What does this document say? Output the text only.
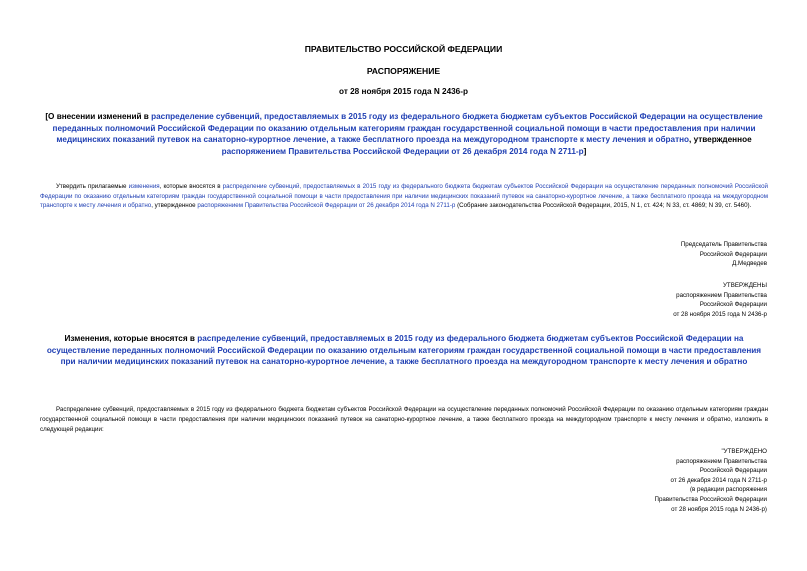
ПРАВИТЕЛЬСТВО РОССИЙСКОЙ ФЕДЕРАЦИИ
РАСПОРЯЖЕНИЕ
от 28 ноября 2015 года N 2436-р
[О внесении изменений в распределение субвенций, предоставляемых в 2015 году из федерального бюджета бюджетам субъектов Российской Федерации на осуществление переданных полномочий Российской Федерации по оказанию отдельным категориям граждан государственной социальной помощи в части предоставления при наличии медицинских показаний путевок на санаторно-курортное лечение, а также бесплатного проезда на междугородном транспорте к месту лечения и обратно, утвержденное распоряжением Правительства Российской Федерации от 26 декабря 2014 года N 2711-р]
Утвердить прилагаемые изменения, которые вносятся в распределение субвенций, предоставляемых в 2015 году из федерального бюджета бюджетам субъектов Российской Федерации на осуществление переданных полномочий Российской Федерации по оказанию отдельным категориям граждан государственной социальной помощи в части предоставления при наличии медицинских показаний путевок на санаторно-курортное лечение, а также бесплатного проезда на междугородном транспорте к месту лечения и обратно, утвержденное распоряжением Правительства Российской Федерации от 26 декабря 2014 года N 2711-р (Собрание законодательства Российской Федерации, 2015, N 1, ст. 424; N 33, ст. 4869; N 39, ст. 5460).

Председатель Правительства

Российской Федерации

Д.Медведев

УТВЕРЖДЕНЫ

распоряжением Правительства

Российской Федерации

от 28 ноября 2015 года N 2436-р

Изменения, которые вносятся в распределение субвенций, предоставляемых в 2015 году из федерального бюджета бюджетам субъектов Российской Федерации на осуществление переданных полномочий Российской Федерации по оказанию отдельным категориям граждан государственной социальной помощи в части предоставления при наличии медицинских показаний путевок на санаторно-курортное лечение, а также бесплатного проезда на междугородном транспорте к месту лечения и обратно
Распределение субвенций, предоставляемых в 2015 году из федерального бюджета бюджетам субъектов Российской Федерации на осуществление переданных полномочий Российской Федерации по оказанию отдельным категориям граждан государственной социальной помощи в части предоставления при наличии медицинских показаний путевок на санаторно-курортное лечение, а также бесплатного проезда на междугородном транспорте к месту лечения и обратно, изложить в следующей редакции:

"УТВЕРЖДЕНО

распоряжением Правительства

Российской Федерации

от 26 декабря 2014 года N 2711-р

(в редакции распоряжения

Правительства Российской Федерации

от 28 ноября 2015 года N 2436-р)
